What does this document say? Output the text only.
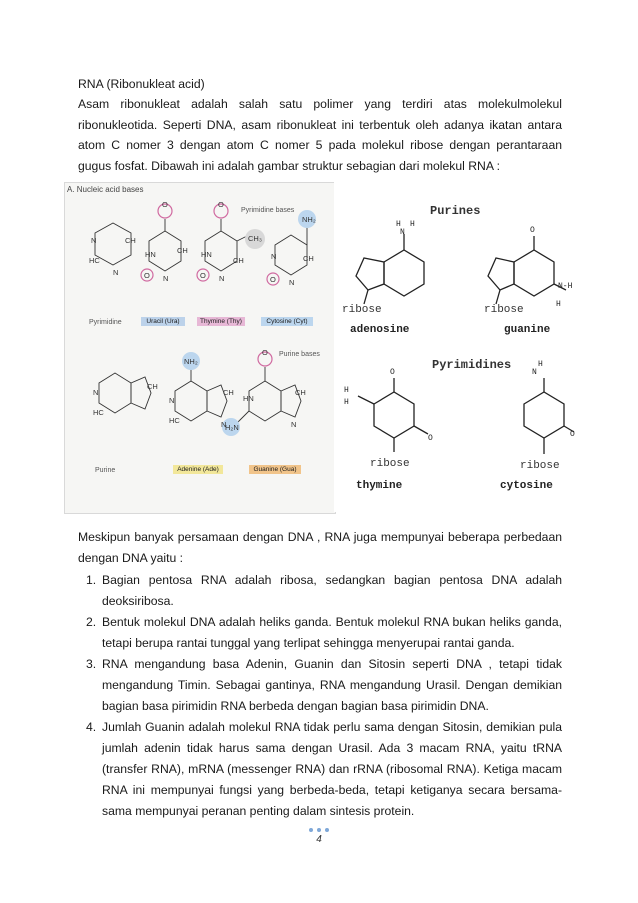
RNA (Ribonukleat acid)
Asam ribonukleat adalah salah satu polimer yang terdiri atas molekulmolekul ribonukleotida. Seperti DNA, asam ribonukleat ini terbentuk oleh adanya ikatan antara atom C nomer 3 dengan atom C nomer 5 pada molekul ribose dengan perantaraan gugus fosfat. Dibawah ini adalah gambar struktur sebagian dari molekul RNA :
N	CH
HC
N
HN	CH
N
HN
CH
N
CH₃
N	CH
N
NH₂
NH₂
N
HC
CH
N
HC	N
CH
HN
CH
H₂N	N
O
O	O
O	O	O
A. Nucleic acid bases
Pyrimidine bases
Purine bases
Pyrimidine
Purine
Uracil (Ura)	Thymine (Thy)	Cytosine (Cyt)
Adenine (Ade)	Guanine (Gua)
H H
N	O
N-H
H
O
O
H
H
N
H
O
Purines
ribose
adenosine
ribose
guanine
Pyrimidines
ribose
thymine
ribose
cytosine
Meskipun banyak persamaan dengan DNA , RNA juga mempunyai beberapa perbedaan dengan DNA yaitu :
1. Bagian pentosa RNA adalah ribosa, sedangkan bagian pentosa DNA adalah deoksiribosa.
2. Bentuk molekul DNA adalah heliks ganda. Bentuk molekul RNA bukan heliks ganda, tetapi berupa rantai tunggal yang terlipat sehingga menyerupai rantai ganda.
3. RNA mengandung basa Adenin, Guanin dan Sitosin seperti DNA , tetapi tidak mengandung Timin. Sebagai gantinya, RNA mengandung Urasil. Dengan demikian bagian basa pirimidin RNA berbeda dengan bagian basa pirimidin DNA.
4. Jumlah Guanin adalah molekul RNA tidak perlu sama dengan Sitosin, demikian pula jumlah adenin tidak harus sama dengan Urasil. Ada 3 macam RNA, yaitu tRNA (transfer RNA), mRNA (messenger RNA) dan rRNA (ribosomal RNA). Ketiga macam RNA ini mempunyai fungsi yang berbeda-beda, tetapi ketiganya secara bersama-sama mempunyai peranan penting dalam sintesis protein.
4
